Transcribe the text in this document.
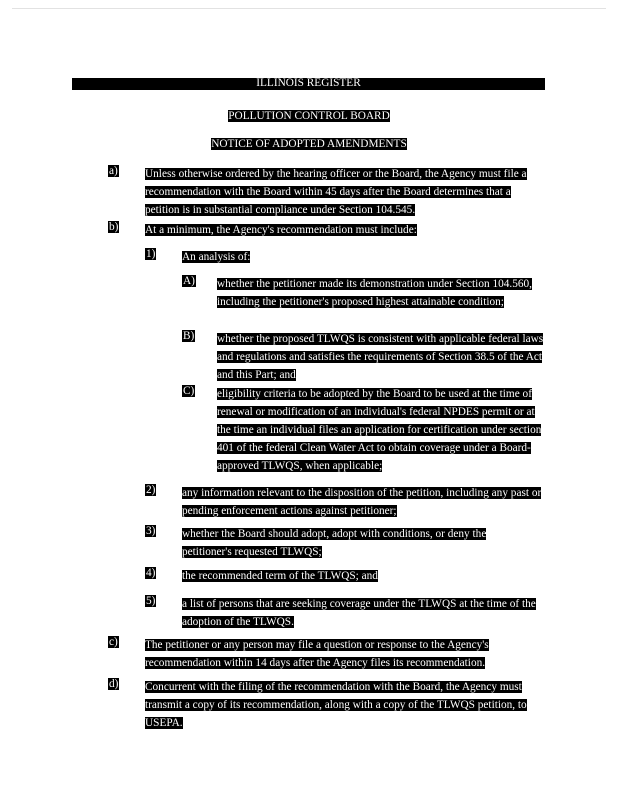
ILLINOIS REGISTER
POLLUTION CONTROL BOARD
NOTICE OF ADOPTED AMENDMENTS
a) Unless otherwise ordered by the hearing officer or the Board, the Agency must file a recommendation with the Board within 45 days after the Board determines that a petition is in substantial compliance under Section 104.545.

b) At a minimum, the Agency's recommendation must include:

1) An analysis of:

A) whether the petitioner made its demonstration under Section 104.560, including the petitioner's proposed highest attainable condition;

B) whether the proposed TLWQS is consistent with applicable federal laws and regulations and satisfies the requirements of Section 38.5 of the Act and this Part; and

C) eligibility criteria to be adopted by the Board to be used at the time of renewal or modification of an individual's federal NPDES permit or at the time an individual files an application for certification under section 401 of the federal Clean Water Act to obtain coverage under a Board-approved TLWQS, when applicable;

2) any information relevant to the disposition of the petition, including any past or pending enforcement actions against petitioner;

3) whether the Board should adopt, adopt with conditions, or deny the petitioner's requested TLWQS;

4) the recommended term of the TLWQS; and

5) a list of persons that are seeking coverage under the TLWQS at the time of the adoption of the TLWQS.

c) The petitioner or any person may file a question or response to the Agency's recommendation within 14 days after the Agency files its recommendation.

d) Concurrent with the filing of the recommendation with the Board, the Agency must transmit a copy of its recommendation, along with a copy of the TLWQS petition, to USEPA.
